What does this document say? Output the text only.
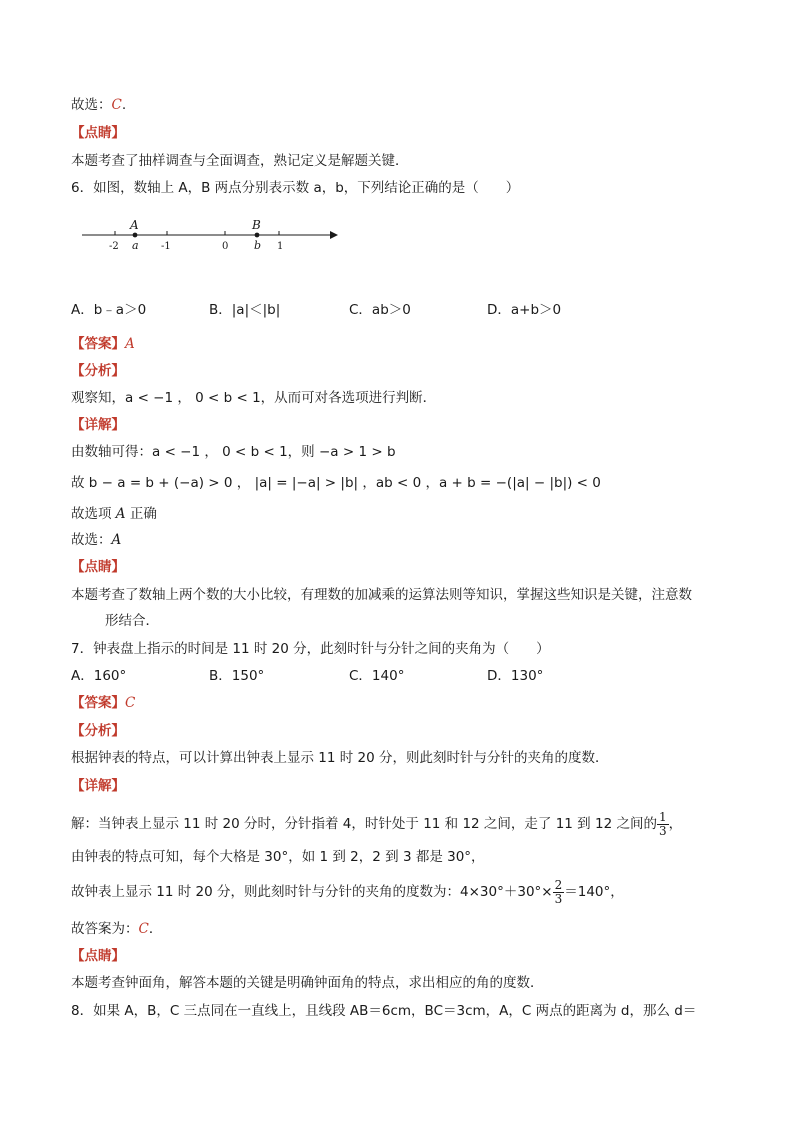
故选：C.
【点睛】
本题考查了抽样调查与全面调查，熟记定义是解题关键．
6．如图，数轴上 A，B 两点分别表示数 a，b，下列结论正确的是（　　）
A	B
-2 a -1	0 b 1
A．b﹣a＞0	B．|a|＜|b|	C．ab＞0	D．a+b＞0
【答案】A
【分析】
观察知，a < −1 ， 0 < b < 1，从而可对各选项进行判断．
【详解】
由数轴可得：a < −1 ， 0 < b < 1，则 −a > 1 > b
故 b − a = b + (−a) > 0 ， |a| = |−a| > |b| ，ab < 0 ，a + b = −(|a| − |b|) < 0
故选项 A 正确
故选：A
【点睛】
本题考查了数轴上两个数的大小比较，有理数的加减乘的运算法则等知识，掌握这些知识是关键，注意数
形结合．
7．钟表盘上指示的时间是 11 时 20 分，此刻时针与分针之间的夹角为（　　）
A．160°	B．150°	C．140°	D．130°
【答案】C
【分析】
根据钟表的特点，可以计算出钟表上显示 11 时 20 分，则此刻时针与分针的夹角的度数．
【详解】
解：当钟表上显示 11 时 20 分时，分针指着 4，时针处于 11 和 12 之间，走了 11 到 12 之间的 $\frac{1}{3}$ ，
由钟表的特点可知，每个大格是 30°，如 1 到 2，2 到 3 都是 30°，
故钟表上显示 11 时 20 分，则此刻时针与分针的夹角的度数为：$4\times 30^\circ+30^\circ\times \frac{2}{3} =140^\circ$，
故答案为：C．
【点睛】
本题考查钟面角，解答本题的关键是明确钟面角的特点，求出相应的角的度数．
8．如果 A，B，C 三点同在一直线上，且线段 AB＝6cm，BC＝3cm，A，C 两点的距离为 d，那么 d＝
